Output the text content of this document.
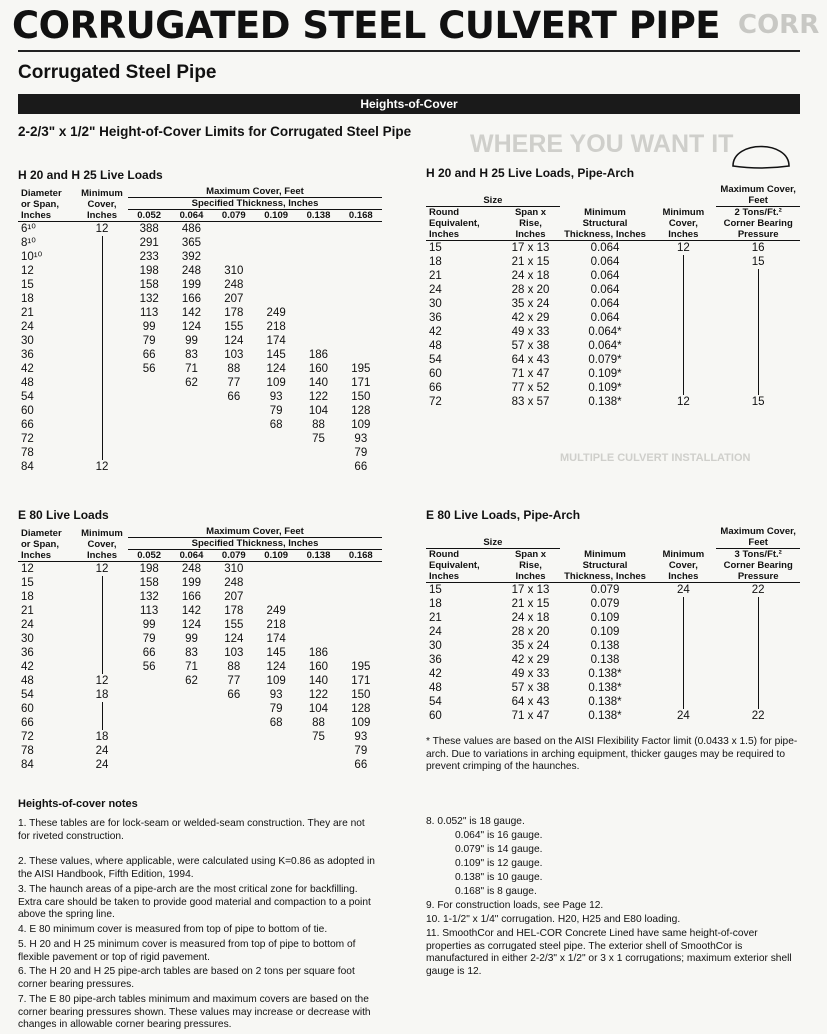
CORRUGATED STEEL CULVERT PIPE CORR
Corrugated Steel Pipe
Heights-of-Cover
2-2/3" x 1/2" Height-of-Cover Limits for Corrugated Steel Pipe WHERE YOU WANT IT
MULTIPLE CULVERT INSTALLATION
H 20 and H 25 Live Loads
Diameter or Span, Inches	Minimum Cover, Inches	Maximum Cover, Feet					
		Specified Thickness, Inches					
		0.052	0.064	0.079	0.109	0.138	0.168
6¹⁰	12	388	486				
8¹⁰		291	365				
10¹⁰		233	392				
12		198	248	310			
15		158	199	248			
18		132	166	207			
21		113	142	178	249		
24		99	124	155	218		
30		79	99	124	174		
36		66	83	103	145	186	
42		56	71	88	124	160	195
48			62	77	109	140	171
54				66	93	122	150
60					79	104	128
66					68	88	109
72						75	93
78							79
84	12						66
H 20 and H 25 Live Loads, Pipe-Arch
Size		Minimum Structural Thickness, Inches	Minimum Cover, Inches	Maximum Cover, Feet
Round Equivalent, Inches	Span x Rise, Inches			2 Tons/Ft.² Corner Bearing Pressure
15	17 x 13	0.064	12	16
18	21 x 15	0.064		15
21	24 x 18	0.064		
24	28 x 20	0.064		
30	35 x 24	0.064		
36	42 x 29	0.064		
42	49 x 33	0.064*		
48	57 x 38	0.064*		
54	64 x 43	0.079*		
60	71 x 47	0.109*		
66	77 x 52	0.109*		
72	83 x 57	0.138*	12	15
E 80 Live Loads
Diameter or Span, Inches	Minimum Cover, Inches	Maximum Cover, Feet					
		Specified Thickness, Inches					
		0.052	0.064	0.079	0.109	0.138	0.168
12	12	198	248	310			
15		158	199	248			
18		132	166	207			
21		113	142	178	249		
24		99	124	155	218		
30		79	99	124	174		
36		66	83	103	145	186	
42		56	71	88	124	160	195
48	12		62	77	109	140	171
54	18			66	93	122	150
60					79	104	128
66					68	88	109
72	18					75	93
78	24						79
84	24						66
E 80 Live Loads, Pipe-Arch
Size		Minimum Structural Thickness, Inches	Minimum Cover, Inches	Maximum Cover, Feet
Round Equivalent, Inches	Span x Rise, Inches			3 Tons/Ft.² Corner Bearing Pressure
15	17 x 13	0.079	24	22
18	21 x 15	0.079		
21	24 x 18	0.109		
24	28 x 20	0.109		
30	35 x 24	0.138		
36	42 x 29	0.138		
42	49 x 33	0.138*		
48	57 x 38	0.138*		
54	64 x 43	0.138*		
60	71 x 47	0.138*	24	22
* These values are based on the AISI Flexibility Factor limit (0.0433 x 1.5) for pipe-arch. Due to variations in arching equipment, thicker gauges may be required to prevent crimping of the haunches.
Heights-of-cover notes
1. These tables are for lock-seam or welded-seam construction. They are not for riveted construction.
2. These values, where applicable, were calculated using K=0.86 as adopted in the AISI Handbook, Fifth Edition, 1994.
3. The haunch areas of a pipe-arch are the most critical zone for backfilling. Extra care should be taken to provide good material and compaction to a point above the spring line.
4. E 80 minimum cover is measured from top of pipe to bottom of tie.
5. H 20 and H 25 minimum cover is measured from top of pipe to bottom of flexible pavement or top of rigid pavement.
6. The H 20 and H 25 pipe-arch tables are based on 2 tons per square foot corner bearing pressures.
7. The E 80 pipe-arch tables minimum and maximum covers are based on the corner bearing pressures shown. These values may increase or decrease with changes in allowable corner bearing pressures.
8. 0.052" is 18 gauge.
0.064" is 16 gauge.
0.079" is 14 gauge.
0.109" is 12 gauge.
0.138" is 10 gauge.
0.168" is 8 gauge.
9. For construction loads, see Page 12.
10. 1-1/2" x 1/4" corrugation. H20, H25 and E80 loading.
11. SmoothCor and HEL-COR Concrete Lined have same height-of-cover properties as corrugated steel pipe. The exterior shell of SmoothCor is manufactured in either 2-2/3" x 1/2" or 3 x 1 corrugations; maximum exterior shell gauge is 12.
